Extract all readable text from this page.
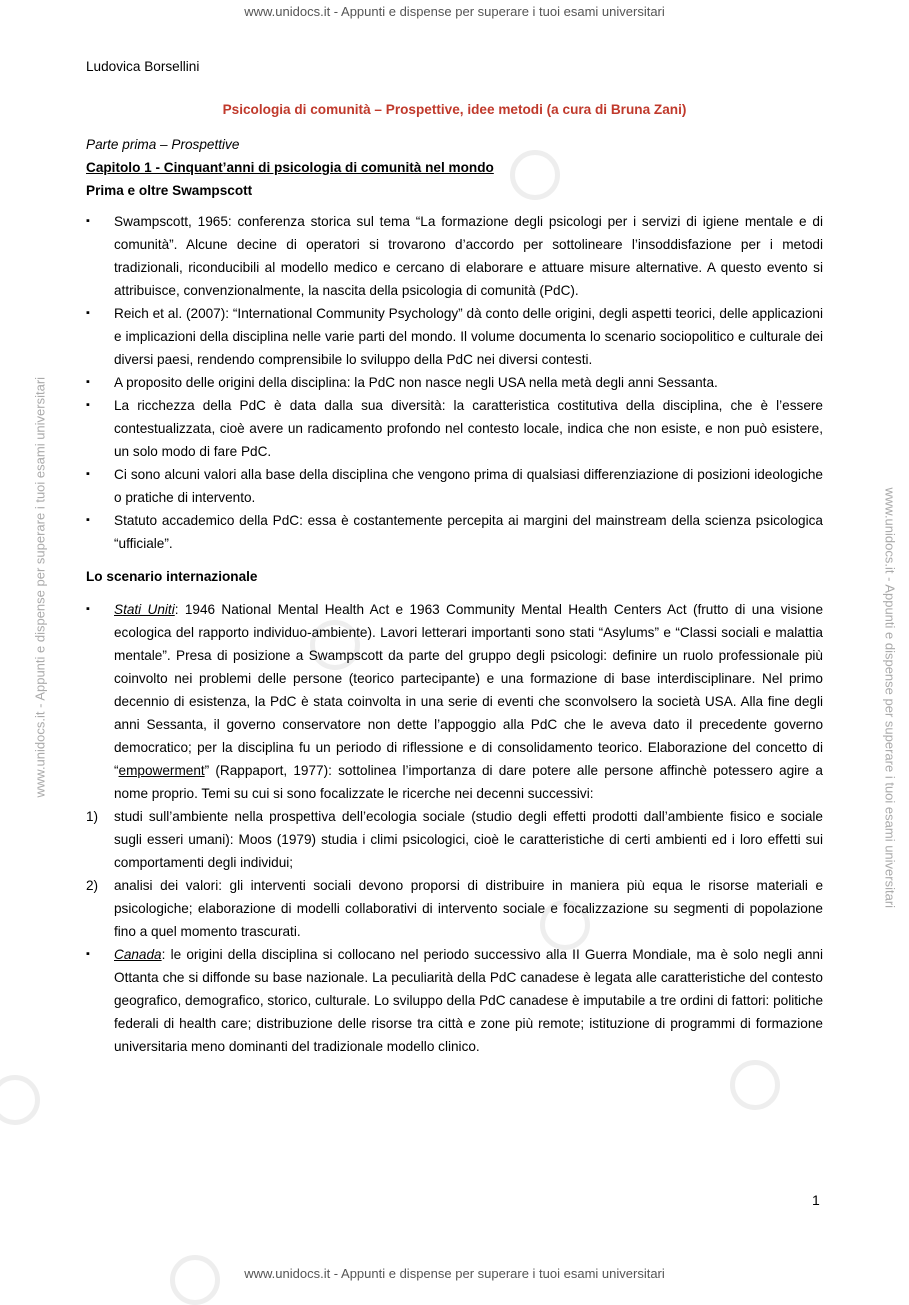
www.unidocs.it - Appunti e dispense per superare i tuoi esami universitari
www.unidocs.it - Appunti e dispense per superare i tuoi esami universitari	www.unidocs.it - Appunti e dispense per superare i tuoi esami universitari

Ludovica Borsellini

Psicologia di comunità – Prospettive, idee metodi (a cura di Bruna Zani)

Parte prima – Prospettive

Capitolo 1 - Cinquant’anni di psicologia di comunità nel mondo

Prima e oltre Swampscott

▪ Swampscott, 1965: conferenza storica sul tema “La formazione degli psicologi per i servizi di igiene mentale e di comunità”. Alcune decine di operatori si trovarono d’accordo per sottolineare l’insoddisfazione per i metodi tradizionali, riconducibili al modello medico e cercano di elaborare e attuare misure alternative. A questo evento si attribuisce, convenzionalmente, la nascita della psicologia di comunità (PdC).
▪ Reich et al. (2007): “International Community Psychology” dà conto delle origini, degli aspetti teorici, delle applicazioni e implicazioni della disciplina nelle varie parti del mondo. Il volume documenta lo scenario sociopolitico e culturale dei diversi paesi, rendendo comprensibile lo sviluppo della PdC nei diversi contesti.
▪ A proposito delle origini della disciplina: la PdC non nasce negli USA nella metà degli anni Sessanta.
▪ La ricchezza della PdC è data dalla sua diversità: la caratteristica costitutiva della disciplina, che è l’essere contestualizzata, cioè avere un radicamento profondo nel contesto locale, indica che non esiste, e non può esistere, un solo modo di fare PdC.
▪ Ci sono alcuni valori alla base della disciplina che vengono prima di qualsiasi differenziazione di posizioni ideologiche o pratiche di intervento.
▪ Statuto accademico della PdC: essa è costantemente percepita ai margini del mainstream della scienza psicologica “ufficiale”.

Lo scenario internazionale

▪ Stati Uniti: 1946 National Mental Health Act e 1963 Community Mental Health Centers Act (frutto di una visione ecologica del rapporto individuo-ambiente). Lavori letterari importanti sono stati “Asylums” e “Classi sociali e malattia mentale”. Presa di posizione a Swampscott da parte del gruppo degli psicologi: definire un ruolo professionale più coinvolto nei problemi delle persone (teorico partecipante) e una formazione di base interdisciplinare. Nel primo decennio di esistenza, la PdC è stata coinvolta in una serie di eventi che sconvolsero la società USA. Alla fine degli anni Sessanta, il governo conservatore non dette l’appoggio alla PdC che le aveva dato il precedente governo democratico; per la disciplina fu un periodo di riflessione e di consolidamento teorico. Elaborazione del concetto di “empowerment” (Rappaport, 1977): sottolinea l’importanza di dare potere alle persone affinchè potessero agire a nome proprio. Temi su cui si sono focalizzate le ricerche nei decenni successivi:
1) studi sull’ambiente nella prospettiva dell’ecologia sociale (studio degli effetti prodotti dall’ambiente fisico e sociale sugli esseri umani): Moos (1979) studia i climi psicologici, cioè le caratteristiche di certi ambienti ed i loro effetti sui comportamenti degli individui;
2) analisi dei valori: gli interventi sociali devono proporsi di distribuire in maniera più equa le risorse materiali e psicologiche; elaborazione di modelli collaborativi di intervento sociale e focalizzazione su segmenti di popolazione fino a quel momento trascurati.
▪ Canada: le origini della disciplina si collocano nel periodo successivo alla II Guerra Mondiale, ma è solo negli anni Ottanta che si diffonde su base nazionale. La peculiarità della PdC canadese è legata alle caratteristiche del contesto geografico, demografico, storico, culturale. Lo sviluppo della PdC canadese è imputabile a tre ordini di fattori: politiche federali di health care; distribuzione delle risorse tra città e zone più remote; istituzione di programmi di formazione universitaria meno dominanti del tradizionale modello clinico.
1
www.unidocs.it - Appunti e dispense per superare i tuoi esami universitari
